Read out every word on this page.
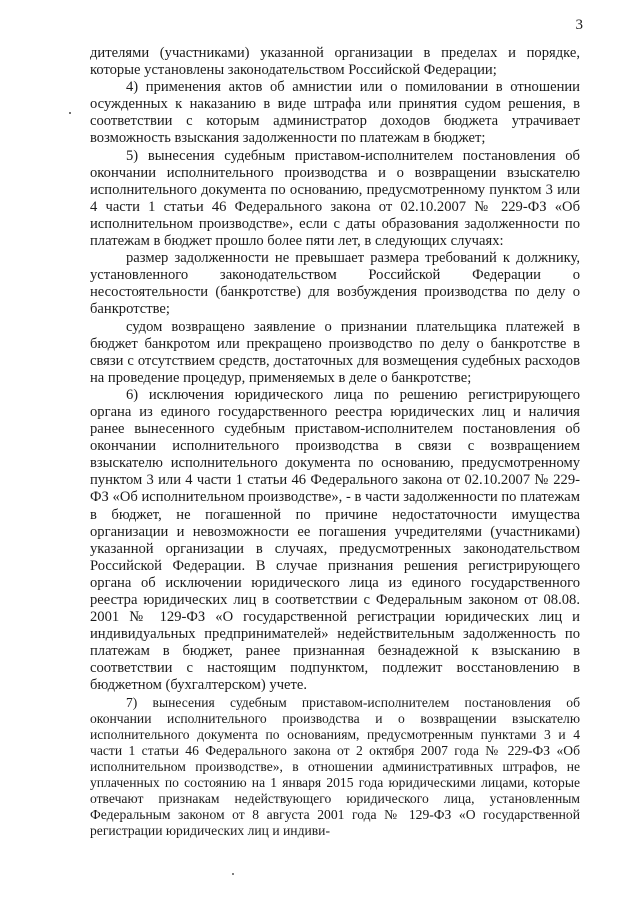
3

дителями (участниками) указанной организации в пределах и порядке, которые установлены законодательством Российской Федерации;

4) применения актов об амнистии или о помиловании в отношении осужденных к наказанию в виде штрафа или принятия судом решения, в соответствии с которым администратор доходов бюджета утрачивает возможность взыскания задолженности по платежам в бюджет;

5) вынесения судебным приставом-исполнителем постановления об окончании исполнительного производства и о возвращении взыскателю исполнительного документа по основанию, предусмотренному пунктом 3 или 4 части 1 статьи 46 Федерального закона от 02.10.2007 № 229-ФЗ «Об исполнительном производстве», если с даты образования задолженности по платежам в бюджет прошло более пяти лет, в следующих случаях:

размер задолженности не превышает размера требований к должнику, установленного законодательством Российской Федерации о несостоятельности (банкротстве) для возбуждения производства по делу о банкротстве;

судом возвращено заявление о признании плательщика платежей в бюджет банкротом или прекращено производство по делу о банкротстве в связи с отсутствием средств, достаточных для возмещения судебных расходов на проведение процедур, применяемых в деле о банкротстве;

6) исключения юридического лица по решению регистрирующего органа из единого государственного реестра юридических лиц и наличия ранее вынесенного судебным приставом-исполнителем постановления об окончании исполнительного производства в связи с возвращением взыскателю исполнительного документа по основанию, предусмотренному пунктом 3 или 4 части 1 статьи 46 Федерального закона от 02.10.2007 № 229-ФЗ «Об исполнительном производстве», - в части задолженности по платежам в бюджет, не погашенной по причине недостаточности имущества организации и невозможности ее погашения учредителями (участниками) указанной организации в случаях, предусмотренных законодательством Российской Федерации. В случае признания решения регистрирующего органа об исключении юридического лица из единого государственного реестра юридических лиц в соответствии с Федеральным законом от 08.08. 2001 № 129-ФЗ «О государственной регистрации юридических лиц и индивидуальных предпринимателей» недействительным задолженность по платежам в бюджет, ранее признанная безнадежной к взысканию в соответствии с настоящим подпунктом, подлежит восстановлению в бюджетном (бухгалтерском) учете.

7) вынесения судебным приставом-исполнителем постановления об окончании исполнительного производства и о возвращении взыскателю исполнительного документа по основаниям, предусмотренным пунктами 3 и 4 части 1 статьи 46 Федерального закона от 2 октября 2007 года № 229-ФЗ «Об исполнительном производстве», в отношении административных штрафов, не уплаченных по состоянию на 1 января 2015 года юридическими лицами, которые отвечают признакам недействующего юридического лица, установленным Федеральным законом от 8 августа 2001 года № 129-ФЗ «О государственной регистрации юридических лиц и индиви-
